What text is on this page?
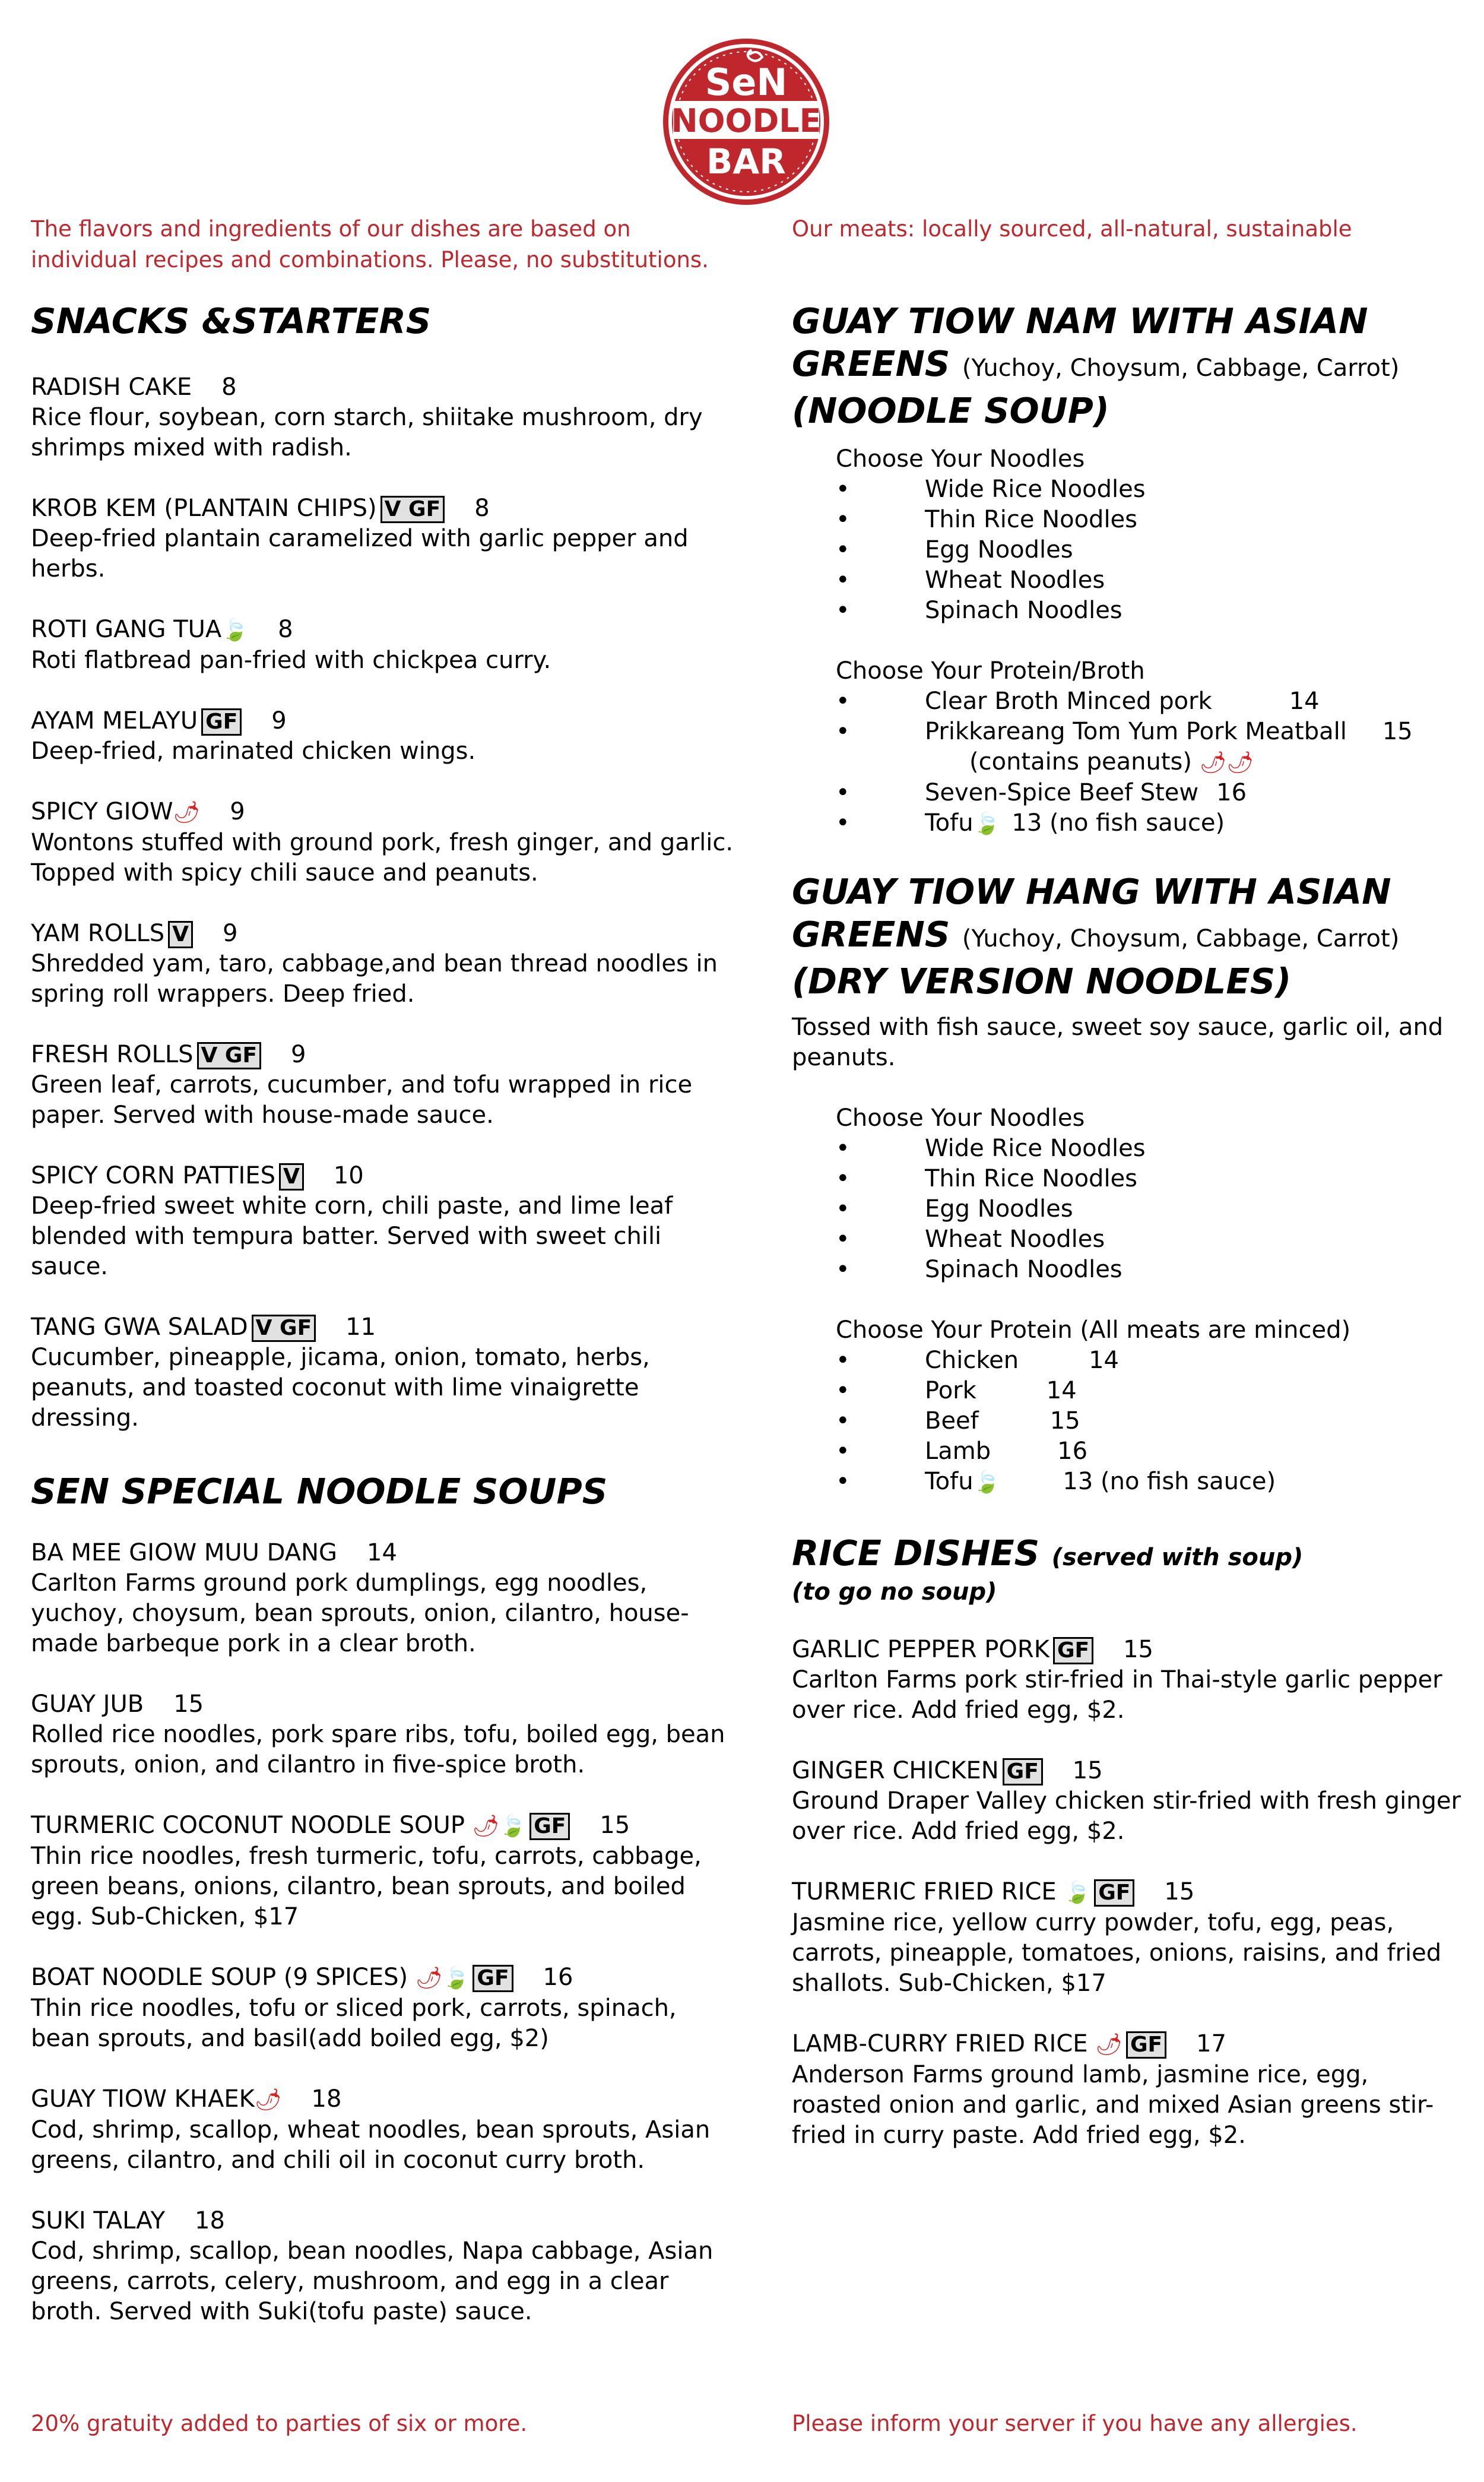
SeN
NOODLE
BAR
The flavors and ingredients of our dishes are based on individual recipes and combinations. Please, no substitutions.
Our meats: locally sourced, all-natural, sustainable
SNACKS &STARTERS
RADISH CAKE 8
Rice flour, soybean, corn starch, shiitake mushroom, dry shrimps mixed with radish.
KROB KEM (PLANTAIN CHIPS) V GF 8
Deep-fried plantain caramelized with garlic pepper and herbs.
ROTI GANG TUA🍃 8
Roti flatbread pan-fried with chickpea curry.
AYAM MELAYU GF 9
Deep-fried, marinated chicken wings.
SPICY GIOW🌶 9
Wontons stuffed with ground pork, fresh ginger, and garlic. Topped with spicy chili sauce and peanuts.
YAM ROLLS V 9
Shredded yam, taro, cabbage,and bean thread noodles in spring roll wrappers. Deep fried.
FRESH ROLLS V GF 9
Green leaf, carrots, cucumber, and tofu wrapped in rice paper. Served with house-made sauce.
SPICY CORN PATTIES V 10
Deep-fried sweet white corn, chili paste, and lime leaf blended with tempura batter. Served with sweet chili sauce.
TANG GWA SALAD V GF 11
Cucumber, pineapple, jicama, onion, tomato, herbs, peanuts, and toasted coconut with lime vinaigrette dressing.
SEN SPECIAL NOODLE SOUPS
BA MEE GIOW MUU DANG 14
Carlton Farms ground pork dumplings, egg noodles, yuchoy, choysum, bean sprouts, onion, cilantro, house-made barbeque pork in a clear broth.
GUAY JUB 15
Rolled rice noodles, pork spare ribs, tofu, boiled egg, bean sprouts, onion, and cilantro in five-spice broth.
TURMERIC COCONUT NOODLE SOUP 🌶🍃 GF 15
Thin rice noodles, fresh turmeric, tofu, carrots, cabbage, green beans, onions, cilantro, bean sprouts, and boiled egg. Sub-Chicken, $17
BOAT NOODLE SOUP (9 SPICES) 🌶🍃 GF 16
Thin rice noodles, tofu or sliced pork, carrots, spinach, bean sprouts, and basil(add boiled egg, $2)
GUAY TIOW KHAEK🌶 18
Cod, shrimp, scallop, wheat noodles, bean sprouts, Asian greens, cilantro, and chili oil in coconut curry broth.
SUKI TALAY 18
Cod, shrimp, scallop, bean noodles, Napa cabbage, Asian greens, carrots, celery, mushroom, and egg in a clear broth. Served with Suki(tofu paste) sauce.
GUAY TIOW NAM WITH ASIAN GREENS (Yuchoy, Choysum, Cabbage, Carrot)
(NOODLE SOUP)
Choose Your Noodles
• Wide Rice Noodles
• Thin Rice Noodles
• Egg Noodles
• Wheat Noodles
• Spinach Noodles
Choose Your Protein/Broth
• Clear Broth Minced pork	14
• Prikkareang Tom Yum Pork Meatball 15
(contains peanuts) 🌶🌶
• Seven-Spice Beef Stew 16
• Tofu🍃 13 (no fish sauce)
GUAY TIOW HANG WITH ASIAN GREENS (Yuchoy, Choysum, Cabbage, Carrot)
(DRY VERSION NOODLES)
Tossed with fish sauce, sweet soy sauce, garlic oil, and peanuts.
Choose Your Noodles
• Wide Rice Noodles
• Thin Rice Noodles
• Egg Noodles
• Wheat Noodles
• Spinach Noodles
Choose Your Protein (All meats are minced)
• Chicken	14
• Pork	14
• Beef	15
• Lamb	16
• Tofu🍃	13 (no fish sauce)
RICE DISHES (served with soup)
(to go no soup)
GARLIC PEPPER PORK GF 15
Carlton Farms pork stir-fried in Thai-style garlic pepper over rice. Add fried egg, $2.
GINGER CHICKEN GF 15
Ground Draper Valley chicken stir-fried with fresh ginger over rice. Add fried egg, $2.
TURMERIC FRIED RICE 🍃 GF 15
Jasmine rice, yellow curry powder, tofu, egg, peas, carrots, pineapple, tomatoes, onions, raisins, and fried shallots. Sub-Chicken, $17
LAMB-CURRY FRIED RICE 🌶 GF 17
Anderson Farms ground lamb, jasmine rice, egg, roasted onion and garlic, and mixed Asian greens stir-fried in curry paste. Add fried egg, $2.
20% gratuity added to parties of six or more.	Please inform your server if you have any allergies.
